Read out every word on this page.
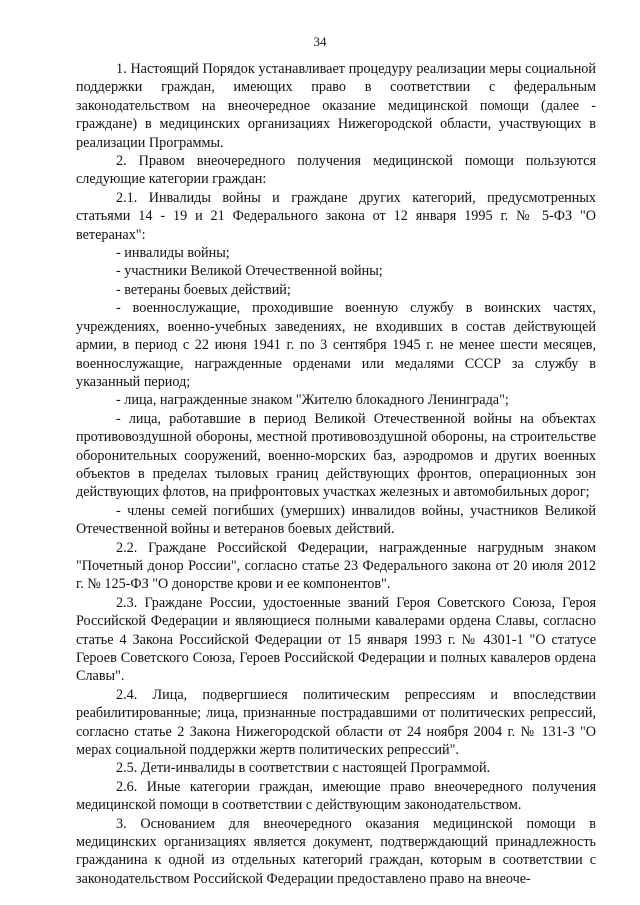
34

1. Настоящий Порядок устанавливает процедуру реализации меры социальной поддержки граждан, имеющих право в соответствии с федеральным законодательством на внеочередное оказание медицинской помощи (далее - граждане) в медицинских организациях Нижегородской области, участвующих в реализации Программы.

2. Правом внеочередного получения медицинской помощи пользуются следующие категории граждан:

2.1. Инвалиды войны и граждане других категорий, предусмотренных статьями 14 - 19 и 21 Федерального закона от 12 января 1995 г. № 5-ФЗ "О ветеранах":

- инвалиды войны;

- участники Великой Отечественной войны;

- ветераны боевых действий;

- военнослужащие, проходившие военную службу в воинских частях, учреждениях, военно-учебных заведениях, не входивших в состав действующей армии, в период с 22 июня 1941 г. по 3 сентября 1945 г. не менее шести месяцев, военнослужащие, награжденные орденами или медалями СССР за службу в указанный период;

- лица, награжденные знаком "Жителю блокадного Ленинграда";

- лица, работавшие в период Великой Отечественной войны на объектах противовоздушной обороны, местной противовоздушной обороны, на строительстве оборонительных сооружений, военно-морских баз, аэродромов и других военных объектов в пределах тыловых границ действующих фронтов, операционных зон действующих флотов, на прифронтовых участках железных и автомобильных дорог;

- члены семей погибших (умерших) инвалидов войны, участников Великой Отечественной войны и ветеранов боевых действий.

2.2. Граждане Российской Федерации, награжденные нагрудным знаком "Почетный донор России", согласно статье 23 Федерального закона от 20 июля 2012 г. № 125-ФЗ "О донорстве крови и ее компонентов".

2.3. Граждане России, удостоенные званий Героя Советского Союза, Героя Российской Федерации и являющиеся полными кавалерами ордена Славы, согласно статье 4 Закона Российской Федерации от 15 января 1993 г. № 4301-1 "О статусе Героев Советского Союза, Героев Российской Федерации и полных кавалеров ордена Славы".

2.4. Лица, подвергшиеся политическим репрессиям и впоследствии реабилитированные; лица, признанные пострадавшими от политических репрессий, согласно статье 2 Закона Нижегородской области от 24 ноября 2004 г. № 131-З "О мерах социальной поддержки жертв политических репрессий".

2.5. Дети-инвалиды в соответствии с настоящей Программой.

2.6. Иные категории граждан, имеющие право внеочередного получения медицинской помощи в соответствии с действующим законодательством.

3. Основанием для внеочередного оказания медицинской помощи в медицинских организациях является документ, подтверждающий принадлежность гражданина к одной из отдельных категорий граждан, которым в соответствии с законодательством Российской Федерации предоставлено право на внеоче-
